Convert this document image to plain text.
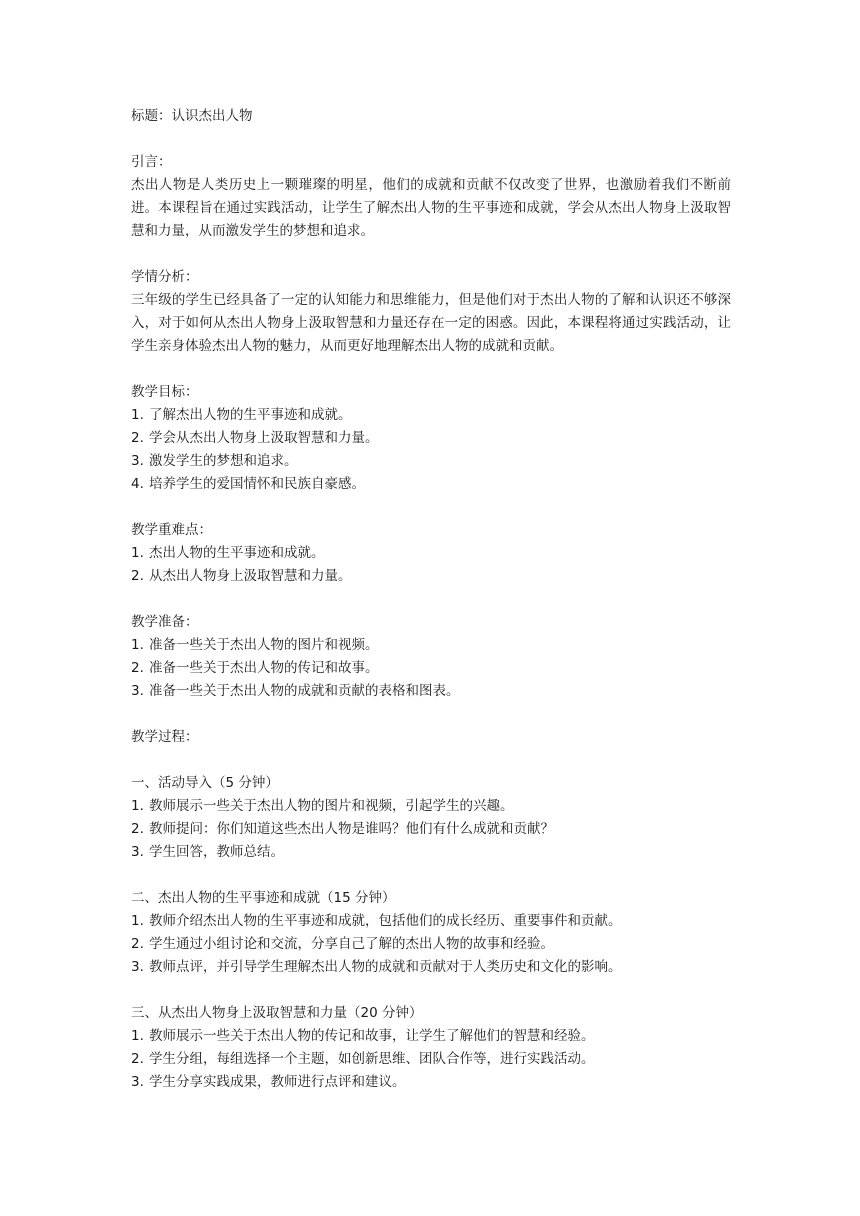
标题：认识杰出人物

引言：

杰出人物是人类历史上一颗璀璨的明星，他们的成就和贡献不仅改变了世界，也激励着我们不断前进。本课程旨在通过实践活动，让学生了解杰出人物的生平事迹和成就，学会从杰出人物身上汲取智慧和力量，从而激发学生的梦想和追求。

学情分析：

三年级的学生已经具备了一定的认知能力和思维能力，但是他们对于杰出人物的了解和认识还不够深入，对于如何从杰出人物身上汲取智慧和力量还存在一定的困惑。因此，本课程将通过实践活动，让学生亲身体验杰出人物的魅力，从而更好地理解杰出人物的成就和贡献。

教学目标：

1. 了解杰出人物的生平事迹和成就。

2. 学会从杰出人物身上汲取智慧和力量。

3. 激发学生的梦想和追求。

4. 培养学生的爱国情怀和民族自豪感。

教学重难点：

1. 杰出人物的生平事迹和成就。

2. 从杰出人物身上汲取智慧和力量。

教学准备：

1. 准备一些关于杰出人物的图片和视频。

2. 准备一些关于杰出人物的传记和故事。

3. 准备一些关于杰出人物的成就和贡献的表格和图表。

教学过程：

一、活动导入（5 分钟）

1. 教师展示一些关于杰出人物的图片和视频，引起学生的兴趣。

2. 教师提问：你们知道这些杰出人物是谁吗？他们有什么成就和贡献？

3. 学生回答，教师总结。

二、杰出人物的生平事迹和成就（15 分钟）

1. 教师介绍杰出人物的生平事迹和成就，包括他们的成长经历、重要事件和贡献。

2. 学生通过小组讨论和交流，分享自己了解的杰出人物的故事和经验。

3. 教师点评，并引导学生理解杰出人物的成就和贡献对于人类历史和文化的影响。

三、从杰出人物身上汲取智慧和力量（20 分钟）

1. 教师展示一些关于杰出人物的传记和故事，让学生了解他们的智慧和经验。

2. 学生分组，每组选择一个主题，如创新思维、团队合作等，进行实践活动。

3. 学生分享实践成果，教师进行点评和建议。
